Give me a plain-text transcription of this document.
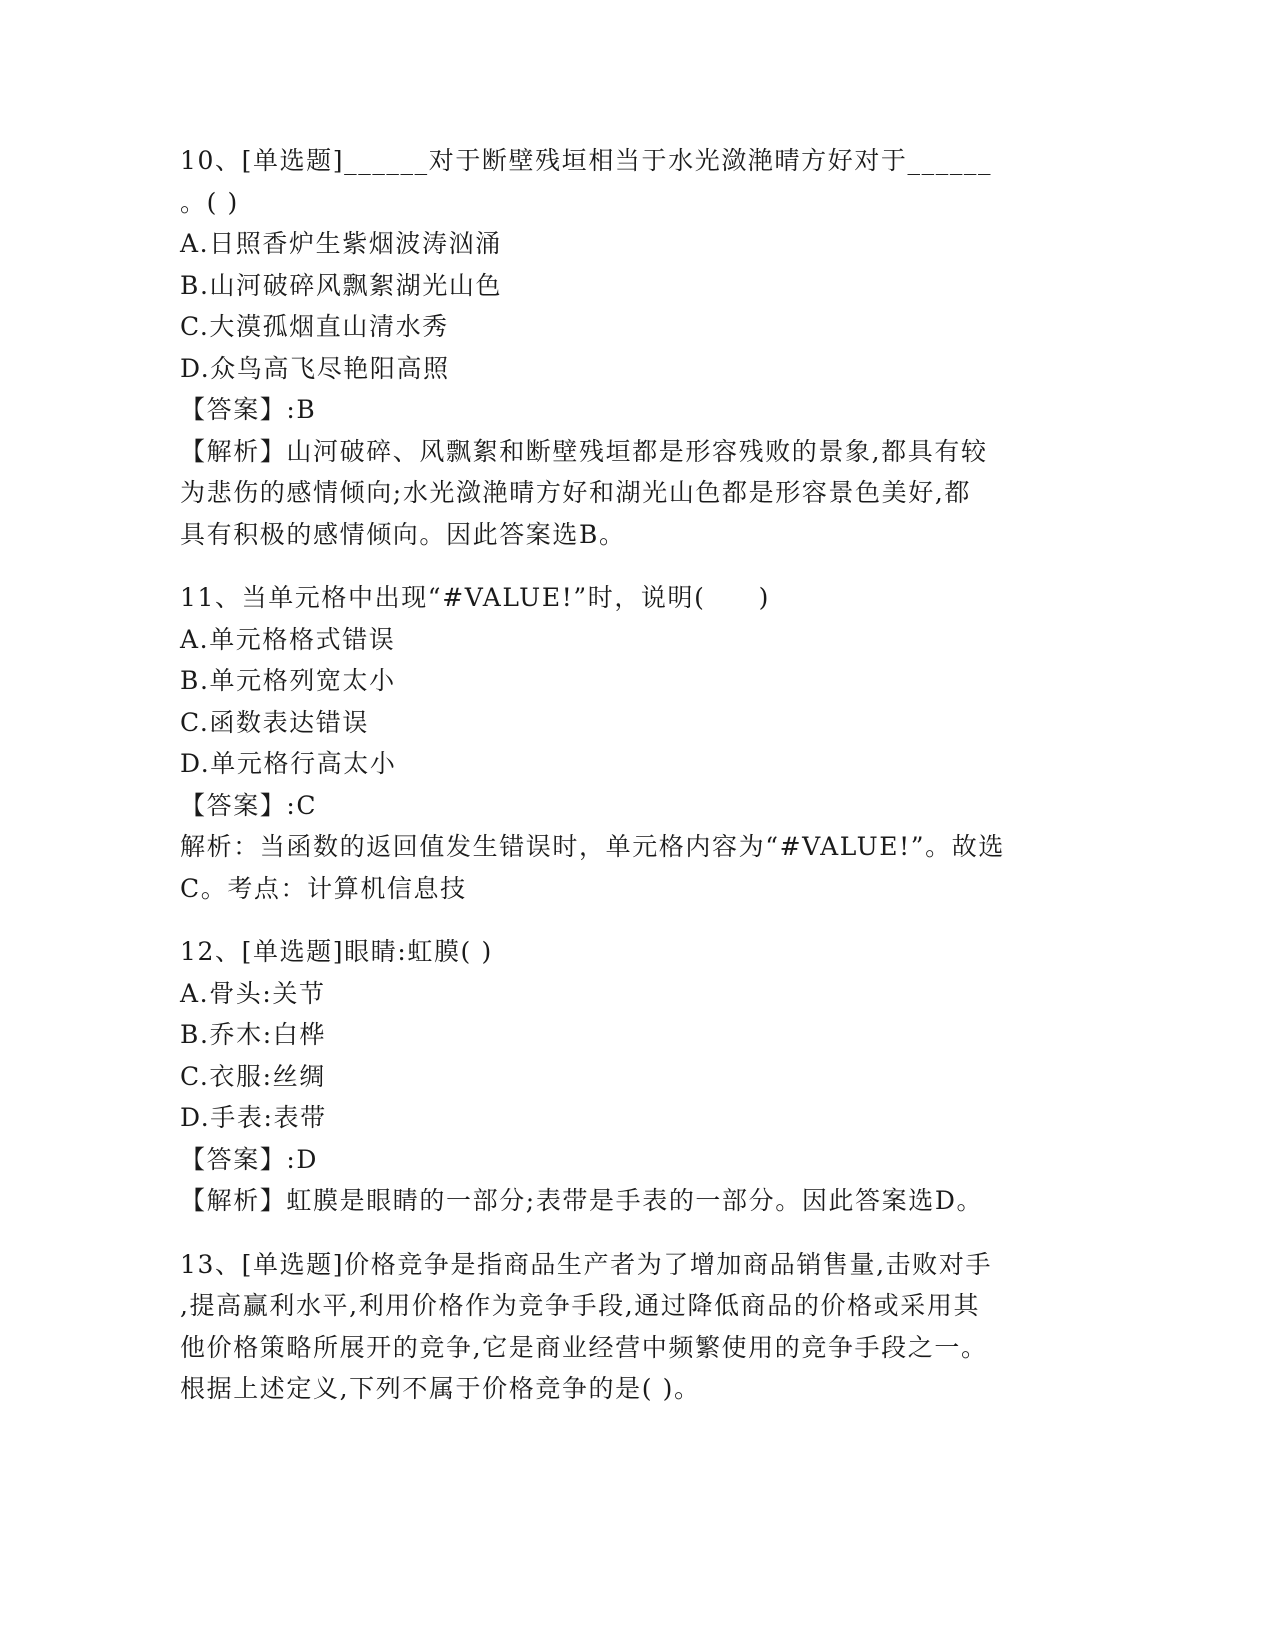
10、[单选题]______对于断壁残垣相当于水光潋滟晴方好对于______
。( )
A.日照香炉生紫烟波涛汹涌
B.山河破碎风飘絮湖光山色
C.大漠孤烟直山清水秀
D.众鸟高飞尽艳阳高照
【答案】:B
【解析】山河破碎、风飘絮和断壁残垣都是形容残败的景象,都具有较
为悲伤的感情倾向;水光潋滟晴方好和湖光山色都是形容景色美好,都
具有积极的感情倾向。因此答案选B。
11、当单元格中出现“#VALUE!”时，说明(　　)
A.单元格格式错误
B.单元格列宽太小
C.函数表达错误
D.单元格行高太小
【答案】:C
解析：当函数的返回值发生错误时，单元格内容为“#VALUE!”。故选
C。考点：计算机信息技
12、[单选题]眼睛:虹膜( )
A.骨头:关节
B.乔木:白桦
C.衣服:丝绸
D.手表:表带
【答案】:D
【解析】虹膜是眼睛的一部分;表带是手表的一部分。因此答案选D。
13、[单选题]价格竞争是指商品生产者为了增加商品销售量,击败对手
,提高赢利水平,利用价格作为竞争手段,通过降低商品的价格或采用其
他价格策略所展开的竞争,它是商业经营中频繁使用的竞争手段之一。
根据上述定义,下列不属于价格竞争的是( )。
